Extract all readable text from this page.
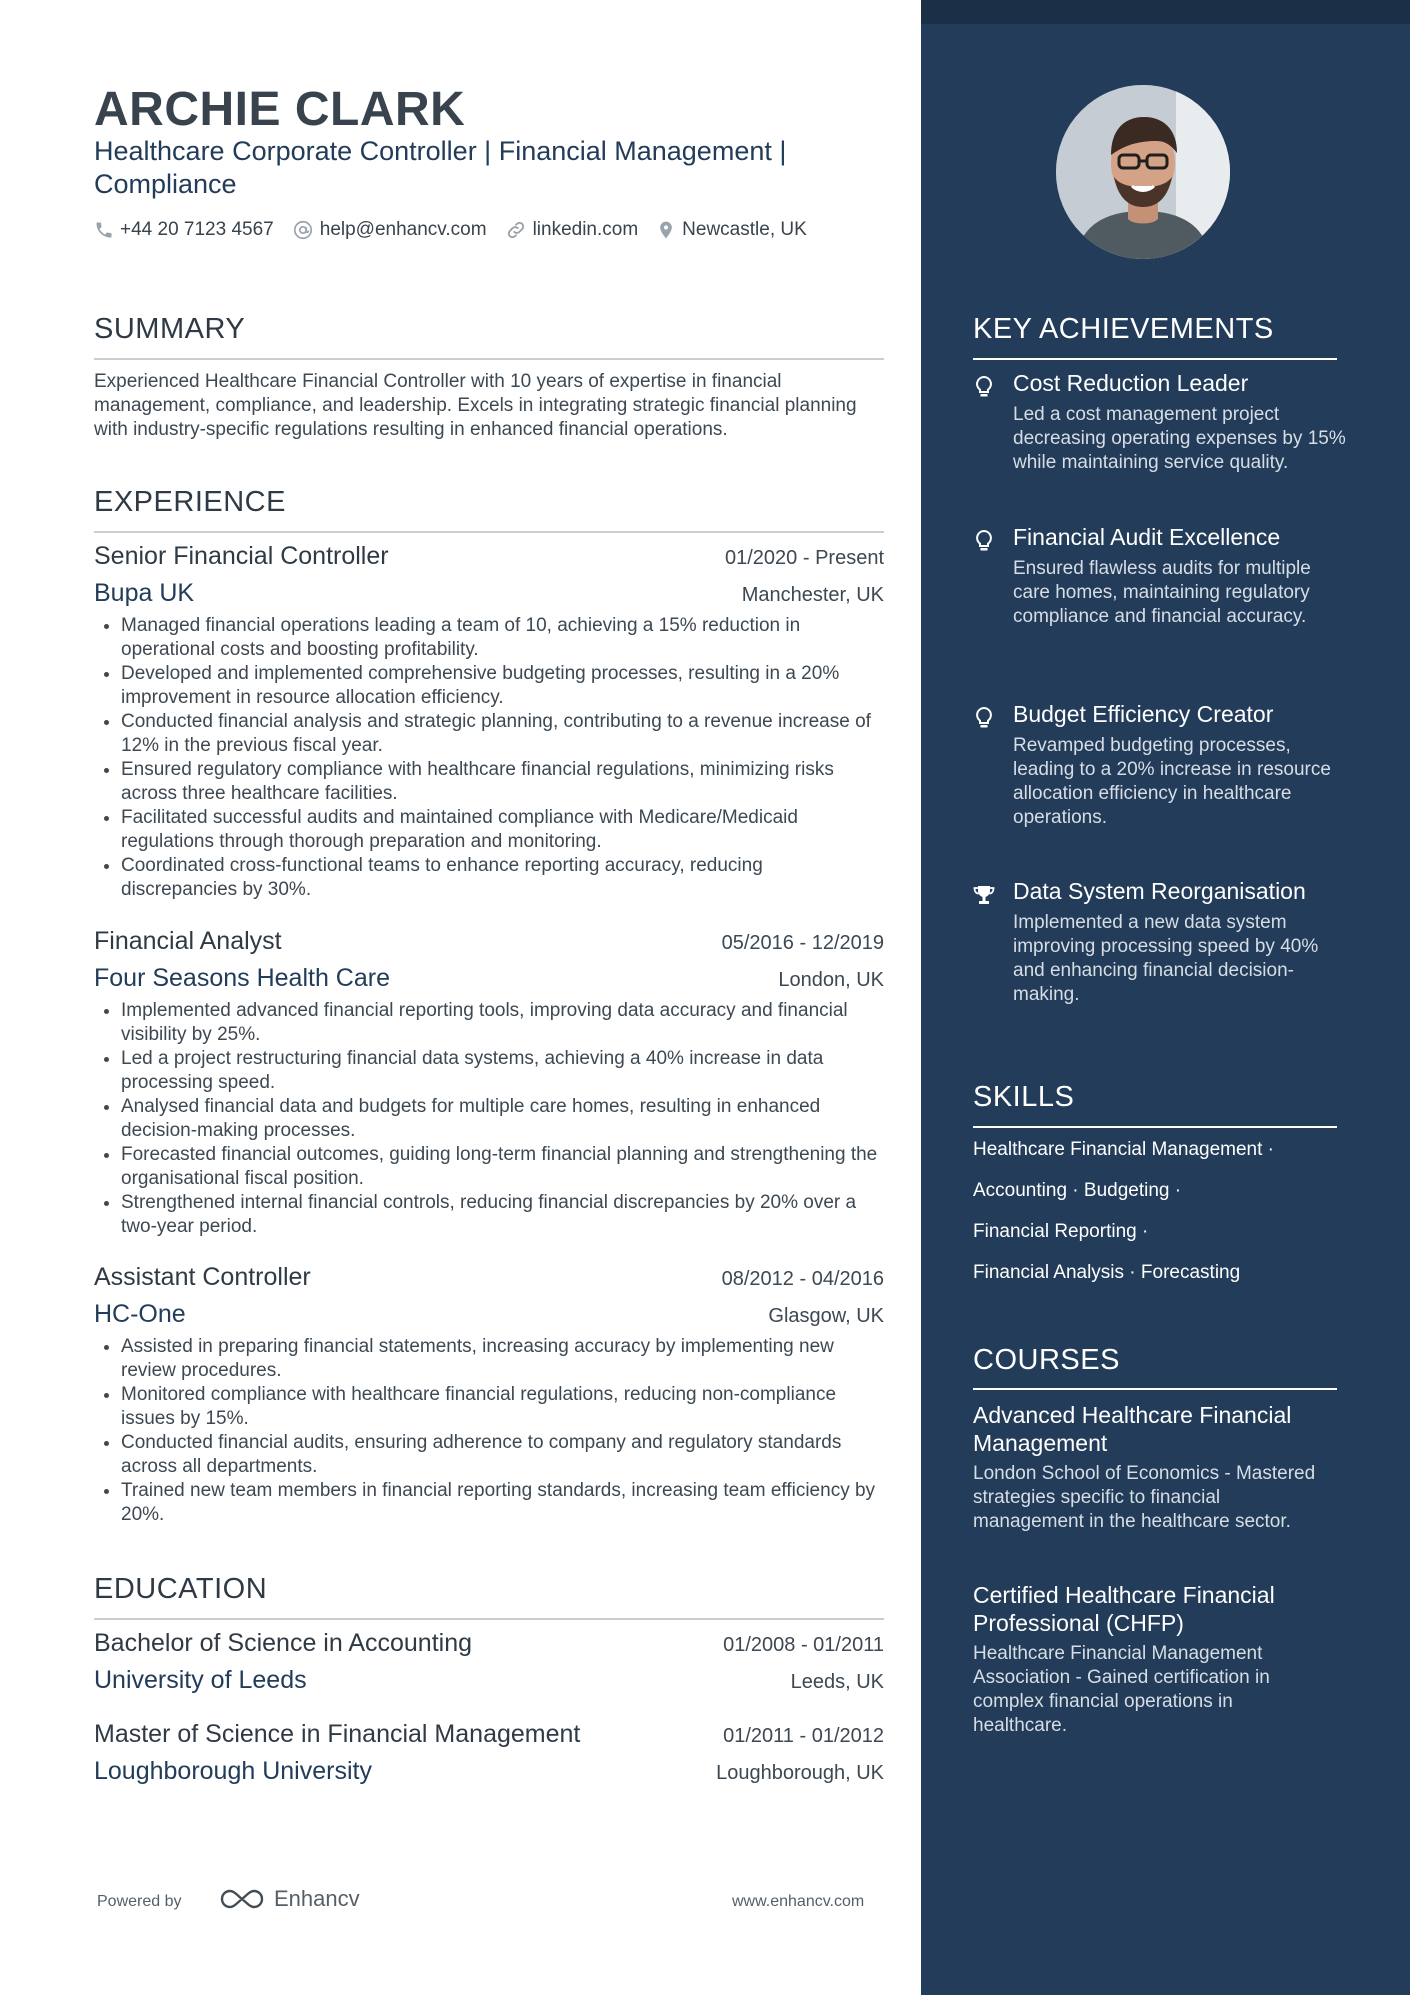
ARCHIE CLARK
Healthcare Corporate Controller | Financial Management | Compliance
+44 20 7123 4567 help@enhancv.com linkedin.com Newcastle, UK
SUMMARY
Experienced Healthcare Financial Controller with 10 years of expertise in financial management, compliance, and leadership. Excels in integrating strategic financial planning with industry-specific regulations resulting in enhanced financial operations.
EXPERIENCE
Senior Financial Controller	01/2020 - Present
Bupa UK	Manchester, UK
• Managed financial operations leading a team of 10, achieving a 15% reduction in operational costs and boosting profitability.
• Developed and implemented comprehensive budgeting processes, resulting in a 20% improvement in resource allocation efficiency.
• Conducted financial analysis and strategic planning, contributing to a revenue increase of 12% in the previous fiscal year.
• Ensured regulatory compliance with healthcare financial regulations, minimizing risks across three healthcare facilities.
• Facilitated successful audits and maintained compliance with Medicare/Medicaid regulations through thorough preparation and monitoring.
• Coordinated cross-functional teams to enhance reporting accuracy, reducing discrepancies by 30%.
Financial Analyst	05/2016 - 12/2019
Four Seasons Health Care	London, UK
• Implemented advanced financial reporting tools, improving data accuracy and financial visibility by 25%.
• Led a project restructuring financial data systems, achieving a 40% increase in data processing speed.
• Analysed financial data and budgets for multiple care homes, resulting in enhanced decision-making processes.
• Forecasted financial outcomes, guiding long-term financial planning and strengthening the organisational fiscal position.
• Strengthened internal financial controls, reducing financial discrepancies by 20% over a two-year period.
Assistant Controller	08/2012 - 04/2016
HC-One	Glasgow, UK
• Assisted in preparing financial statements, increasing accuracy by implementing new review procedures.
• Monitored compliance with healthcare financial regulations, reducing non-compliance issues by 15%.
• Conducted financial audits, ensuring adherence to company and regulatory standards across all departments.
• Trained new team members in financial reporting standards, increasing team efficiency by 20%.
EDUCATION
Bachelor of Science in Accounting	01/2008 - 01/2011
University of Leeds	Leeds, UK
Master of Science in Financial Management	01/2011 - 01/2012
Loughborough University	Loughborough, UK
Powered by	Enhancv	www.enhancv.com
KEY ACHIEVEMENTS
Cost Reduction Leader
Led a cost management project decreasing operating expenses by 15% while maintaining service quality.
Financial Audit Excellence
Ensured flawless audits for multiple care homes, maintaining regulatory compliance and financial accuracy.
Budget Efficiency Creator
Revamped budgeting processes, leading to a 20% increase in resource allocation efficiency in healthcare operations.
Data System Reorganisation
Implemented a new data system improving processing speed by 40% and enhancing financial decision-making.
SKILLS
Healthcare Financial Management ·
Accounting · Budgeting ·
Financial Reporting ·
Financial Analysis · Forecasting
COURSES
Advanced Healthcare Financial Management
London School of Economics - Mastered strategies specific to financial management in the healthcare sector.
Certified Healthcare Financial Professional (CHFP)
Healthcare Financial Management Association - Gained certification in complex financial operations in healthcare.
